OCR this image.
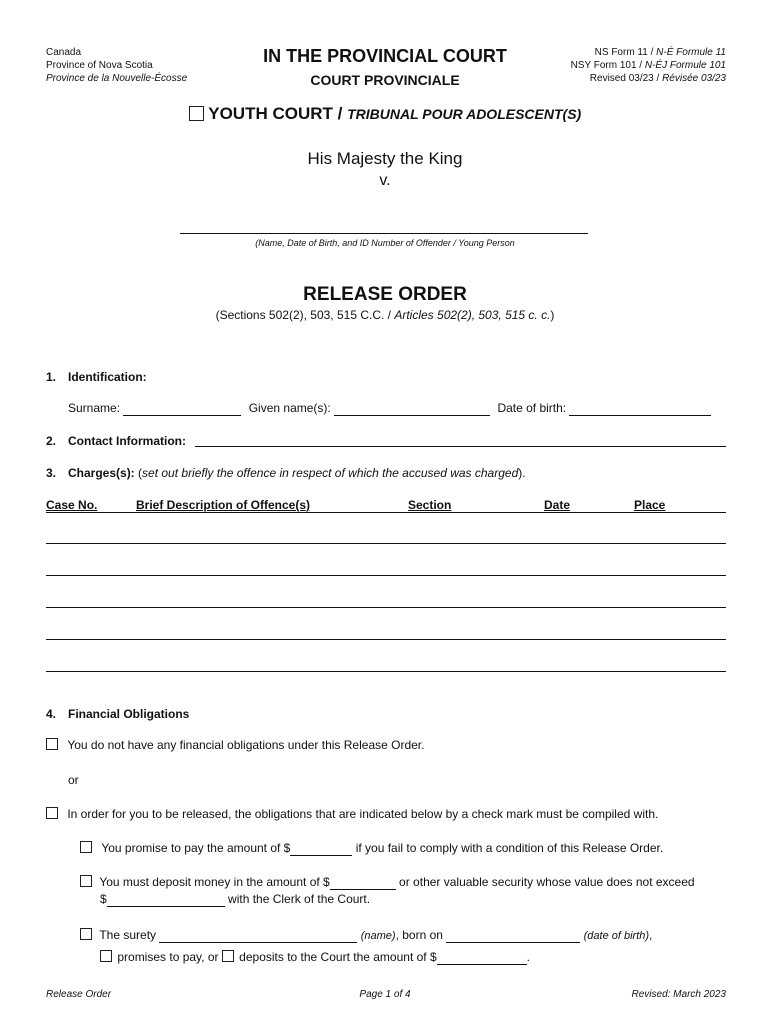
Canada
Province of Nova Scotia
Province de la Nouvelle-Écosse
IN THE PROVINCIAL COURT
COURT PROVINCIALE
NS Form 11 / N-É Formule 11
NSY Form 101 / N-ÉJ Formule 101
Revised 03/23 / Révisée 03/23
YOUTH COURT / TRIBUNAL POUR ADOLESCENT(S)
His Majesty the King
v.
(Name, Date of Birth, and ID Number of Offender / Young Person
RELEASE ORDER
(Sections 502(2), 503, 515 C.C. / Articles 502(2), 503, 515 c. c.)
1. Identification:
Surname:	Given name(s):	Date of birth:
2. Contact Information:
3. Charges(s): (set out briefly the offence in respect of which the accused was charged).
Case No.	Brief Description of Offence(s)	Section	Date	Place
4. Financial Obligations
You do not have any financial obligations under this Release Order.
or
In order for you to be released, the obligations that are indicated below by a check mark must be compiled with.
You promise to pay the amount of $	if you fail to comply with a condition of this Release Order.
You must deposit money in the amount of $	or other valuable security whose value does not exceed
$	with the Clerk of the Court.
The surety	(name), born on	(date of birth),
promises to pay, or  deposits to the Court the amount of $	.
Release Order	Page 1 of 4	Revised: March 2023
